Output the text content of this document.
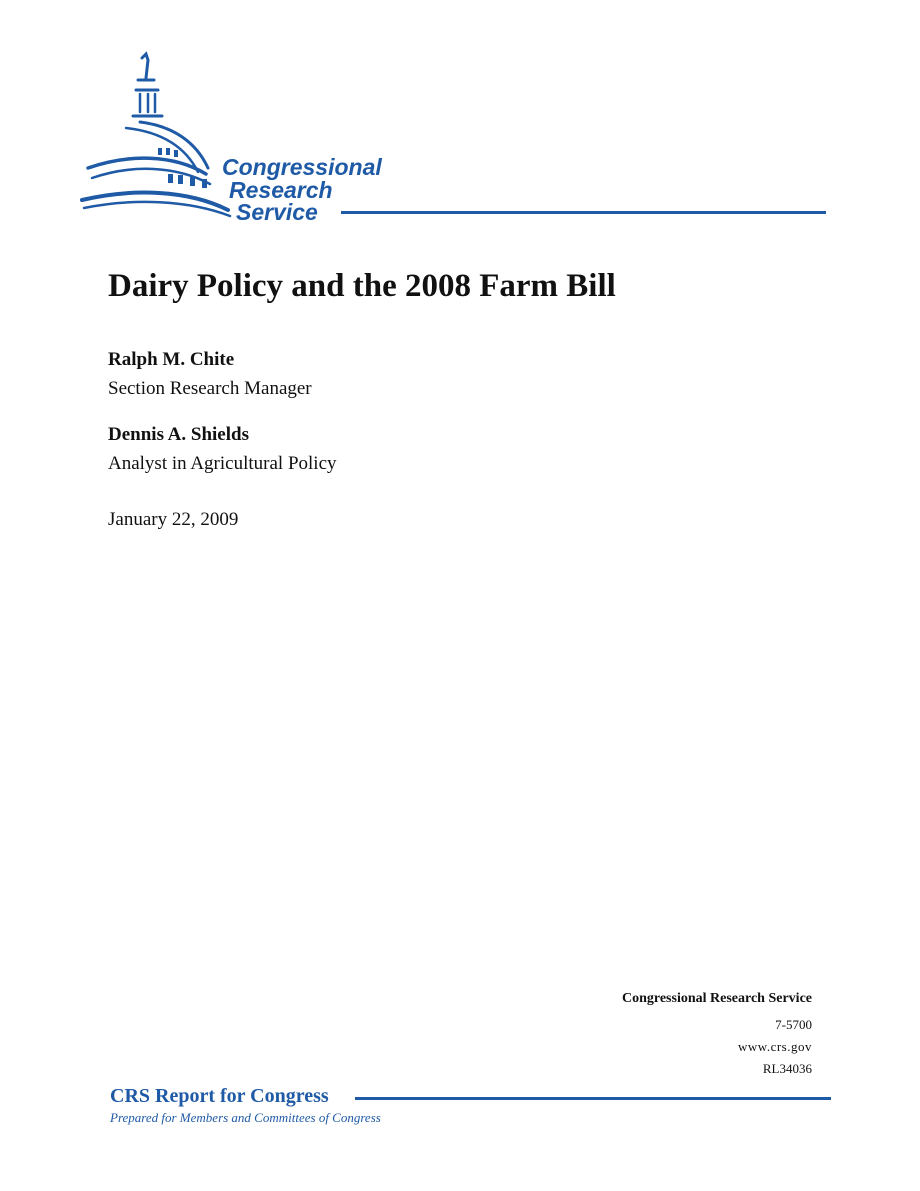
Congressional
Research
Service
Dairy Policy and the 2008 Farm Bill
Ralph M. Chite
Section Research Manager
Dennis A. Shields
Analyst in Agricultural Policy
January 22, 2009
Congressional Research Service
7-5700
www.crs.gov
RL34036
CRS Report for Congress
Prepared for Members and Committees of Congress
